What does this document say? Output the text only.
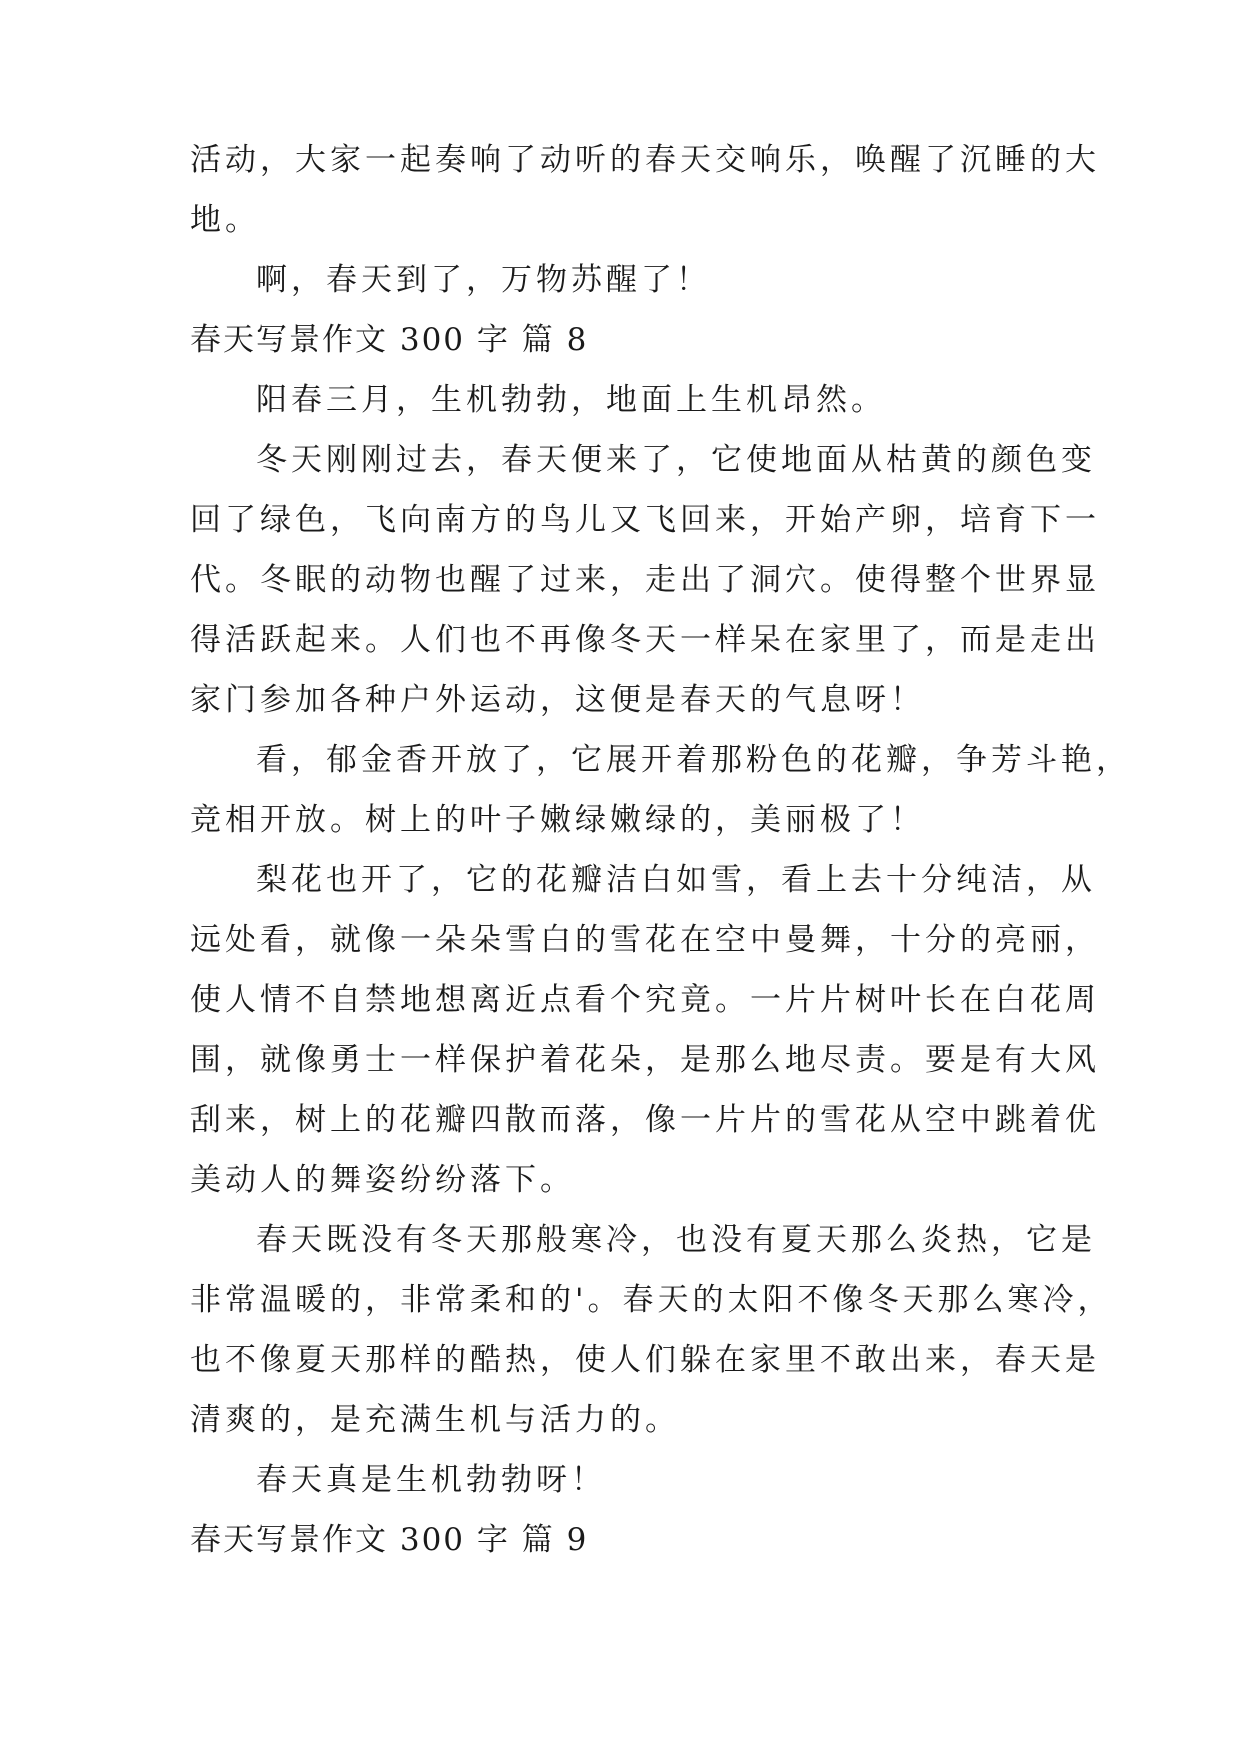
活动，大家一起奏响了动听的春天交响乐，唤醒了沉睡的大
地。
啊，春天到了，万物苏醒了！
春天写景作文 300 字 篇 8
阳春三月，生机勃勃，地面上生机昂然。
冬天刚刚过去，春天便来了，它使地面从枯黄的颜色变
回了绿色，飞向南方的鸟儿又飞回来，开始产卵，培育下一
代。冬眠的动物也醒了过来，走出了洞穴。使得整个世界显
得活跃起来。人们也不再像冬天一样呆在家里了，而是走出
家门参加各种户外运动，这便是春天的气息呀！
看，郁金香开放了，它展开着那粉色的花瓣，争芳斗艳，
竞相开放。树上的叶子嫩绿嫩绿的，美丽极了！
梨花也开了，它的花瓣洁白如雪，看上去十分纯洁，从
远处看，就像一朵朵雪白的雪花在空中曼舞，十分的亮丽，
使人情不自禁地想离近点看个究竟。一片片树叶长在白花周
围，就像勇士一样保护着花朵，是那么地尽责。要是有大风
刮来，树上的花瓣四散而落，像一片片的雪花从空中跳着优
美动人的舞姿纷纷落下。
春天既没有冬天那般寒冷，也没有夏天那么炎热，它是
非常温暖的，非常柔和的'。春天的太阳不像冬天那么寒冷，
也不像夏天那样的酷热，使人们躲在家里不敢出来，春天是
清爽的，是充满生机与活力的。
春天真是生机勃勃呀！
春天写景作文 300 字 篇 9
